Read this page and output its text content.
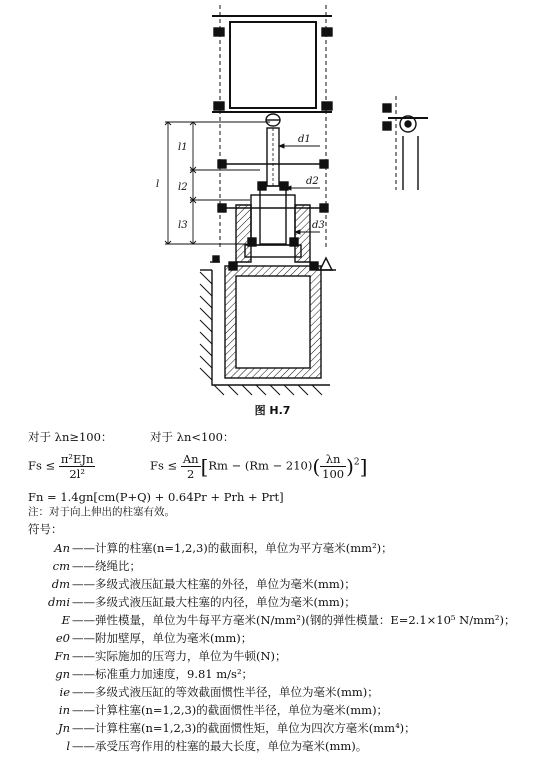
l1
l2
l3
l
d1
d2
d3
图 H.7
对于 λn≥100：	对于 λn<100：
$Fs \le \frac{\text{π²EJn}}{\text{2l²}}$	$Fs \le \frac{An}{2} [Rm - (Rm - 210)( \frac{\lambda n}{100} )^2]$
Fn = 1.4gn[cm(P+Q) + 0.64Pr + Prh + Prt]
注：对于向上伸出的柱塞有效。
符号：
An ——计算的柱塞(n=1,2,3)的截面积，单位为平方毫米(mm²)；
cm ——绕绳比；
dm ——多级式液压缸最大柱塞的外径，单位为毫米(mm)；
dmi ——多级式液压缸最大柱塞的内径，单位为毫米(mm)；
E ——弹性模量，单位为牛每平方毫米(N/mm²)(钢的弹性模量：E=2.1×10⁵ N/mm²)；
e0 ——附加壁厚，单位为毫米(mm)；
Fn ——实际施加的压弯力，单位为牛顿(N)；
gn ——标准重力加速度，9.81 m/s²；
ie ——多级式液压缸的等效截面惯性半径，单位为毫米(mm)；
in ——计算柱塞(n=1,2,3)的截面惯性半径，单位为毫米(mm)；
Jn ——计算柱塞(n=1,2,3)的截面惯性矩，单位为四次方毫米(mm⁴)；
l ——承受压弯作用的柱塞的最大长度，单位为毫米(mm)。
